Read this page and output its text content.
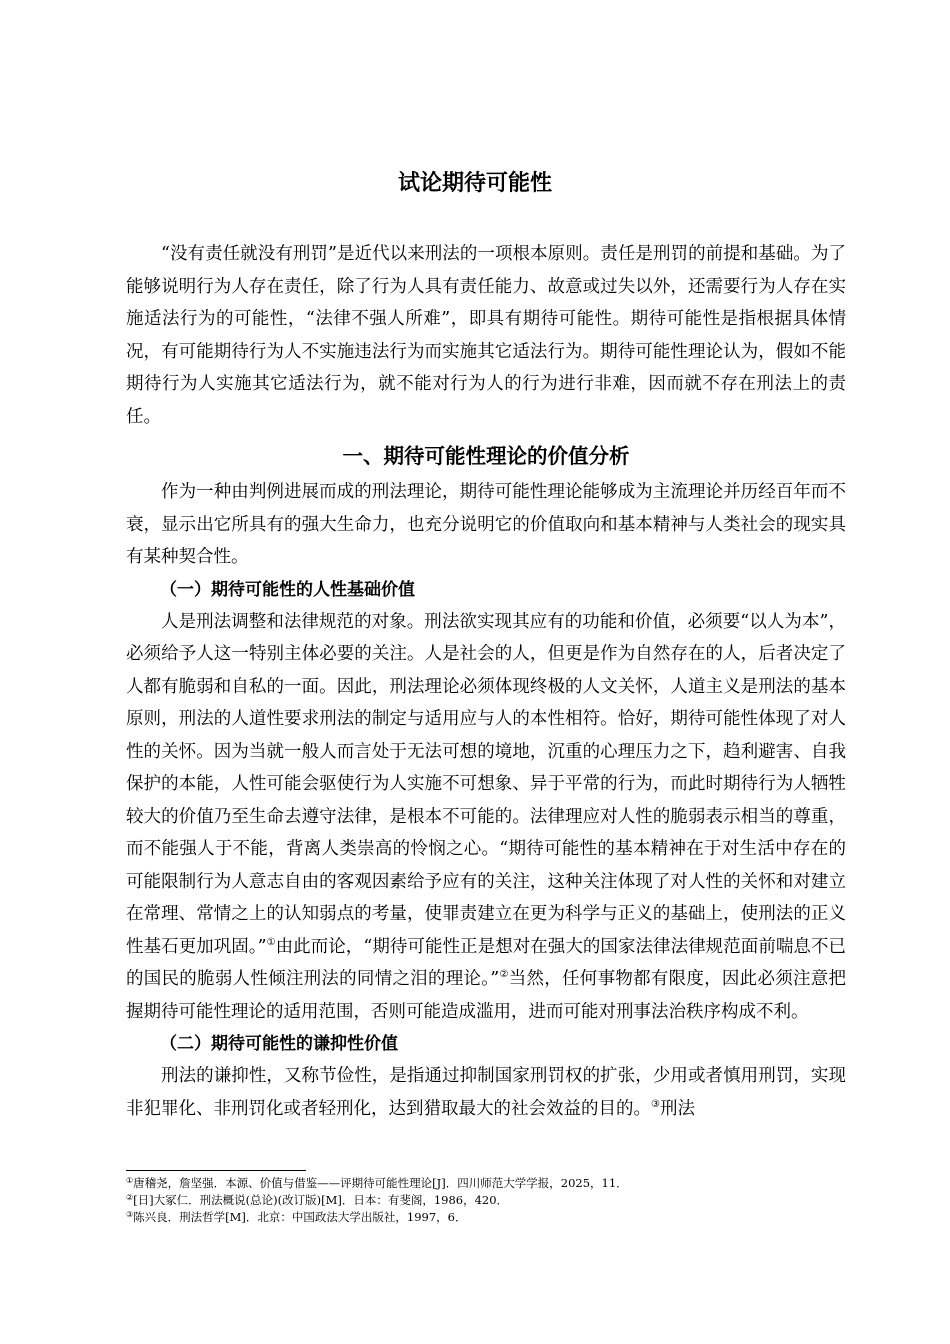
试论期待可能性

“没有责任就没有刑罚”是近代以来刑法的一项根本原则。责任是刑罚的前提和基础。为了能够说明行为人存在责任，除了行为人具有责任能力、故意或过失以外，还需要行为人存在实施适法行为的可能性，“法律不强人所难”，即具有期待可能性。期待可能性是指根据具体情况，有可能期待行为人不实施违法行为而实施其它适法行为。期待可能性理论认为，假如不能期待行为人实施其它适法行为，就不能对行为人的行为进行非难，因而就不存在刑法上的责任。

一、期待可能性理论的价值分析

作为一种由判例进展而成的刑法理论，期待可能性理论能够成为主流理论并历经百年而不衰，显示出它所具有的强大生命力，也充分说明它的价值取向和基本精神与人类社会的现实具有某种契合性。

（一）期待可能性的人性基础价值

人是刑法调整和法律规范的对象。刑法欲实现其应有的功能和价值，必须要“以人为本”，必须给予人这一特别主体必要的关注。人是社会的人，但更是作为自然存在的人，后者决定了人都有脆弱和自私的一面。因此，刑法理论必须体现终极的人文关怀，人道主义是刑法的基本原则，刑法的人道性要求刑法的制定与适用应与人的本性相符。恰好，期待可能性体现了对人性的关怀。因为当就一般人而言处于无法可想的境地，沉重的心理压力之下，趋利避害、自我保护的本能，人性可能会驱使行为人实施不可想象、异于平常的行为，而此时期待行为人牺牲较大的价值乃至生命去遵守法律，是根本不可能的。法律理应对人性的脆弱表示相当的尊重，而不能强人于不能，背离人类崇高的怜悯之心。“期待可能性的基本精神在于对生活中存在的可能限制行为人意志自由的客观因素给予应有的关注，这种关注体现了对人性的关怀和对建立在常理、常情之上的认知弱点的考量，使罪责建立在更为科学与正义的基础上，使刑法的正义性基石更加巩固。”①由此而论，“期待可能性正是想对在强大的国家法律法律规范面前喘息不已的国民的脆弱人性倾注刑法的同情之泪的理论。”②当然，任何事物都有限度，因此必须注意把握期待可能性理论的适用范围，否则可能造成滥用，进而可能对刑事法治秩序构成不利。

（二）期待可能性的谦抑性价值

刑法的谦抑性，又称节俭性，是指通过抑制国家刑罚权的扩张，少用或者慎用刑罚，实现非犯罪化、非刑罚化或者轻刑化，达到猎取最大的社会效益的目的。③刑法

①唐稽尧，詹坚强．本源、价值与借鉴——评期待可能性理论[J]．四川师范大学学报，2025，11．
②[日]大冢仁．刑法概说(总论)(改订版)[M]．日本：有斐阁，1986，420．
③陈兴良．刑法哲学[M]．北京：中国政法大学出版社，1997，6．
